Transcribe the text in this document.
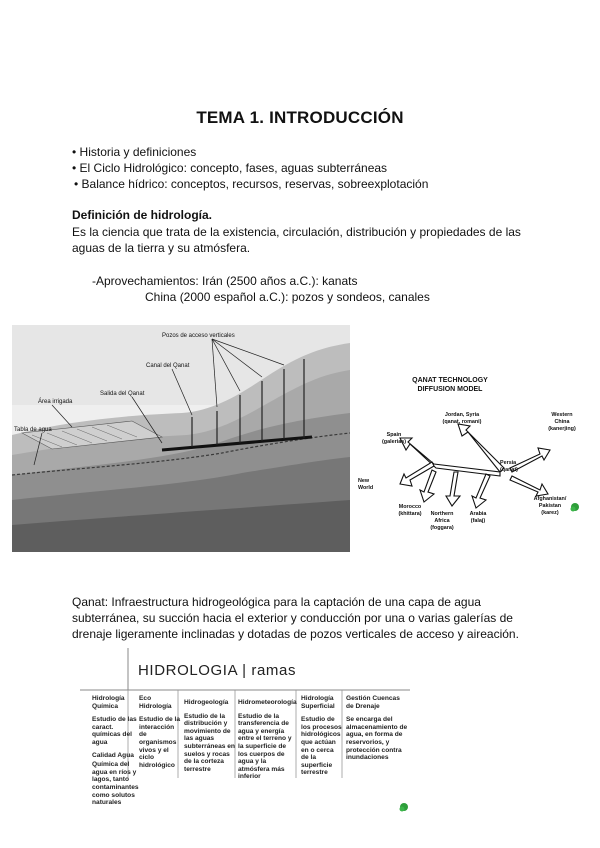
TEMA 1. INTRODUCCIÓN
• Historia y definiciones
• El Ciclo Hidrológico: concepto, fases, aguas subterráneas
• Balance hídrico: conceptos, recursos, reservas, sobreexplotación
Definición de hidrología.
Es la ciencia que trata de la existencia, circulación, distribución y propiedades de las aguas de la tierra y su atmósfera.
-Aprovechamientos: Irán (2500 años a.C.): kanats
China (2000 español a.C.): pozos y sondeos, canales
Pozos de acceso verticales
Canal del Qanat
Salida del Qanat
Área irrigada
Tabla de agua
QANAT TECHNOLOGY
DIFFUSION MODEL
Jordan, Syria
(qanat, romani)
Spain
(galerias)
New
World
Morocco
(khittara) Northern
Africa
(foggara)
Arabia
(falaj)
Persia
(qanat)
Western
China
(kanerjing)
Afghanistan/
Pakistan
(karez)
Qanat: Infraestructura hidrogeológica para la captación de una capa de agua subterránea, su succión hacia el exterior y conducción por una o varias galerías de drenaje ligeramente inclinadas y dotadas de pozos verticales de acceso y aireación.
HIDROLOGIA | ramas
Hidrología Química
Estudio de las caract. químicas del agua
Calidad Agua
Química del agua en ríos y lagos, tanto contaminantes como solutos naturales
Eco Hidrología
Estudio de la interacción de organismos vivos y el ciclo hidrológico
Hidrogeología
Estudio de la distribución y movimiento de las aguas subterráneas en suelos y rocas de la corteza terrestre
Hidrometeorología
Estudio de la transferencia de agua y energía entre el terreno y la superficie de los cuerpos de agua y la atmósfera más inferior
Hidrología Superficial
Estudio de los procesos hidrológicos que actúan en o cerca de la superficie terrestre
Gestión Cuencas de Drenaje
Se encarga del almacenamiento de agua, en forma de reservorios, y protección contra inundaciones
